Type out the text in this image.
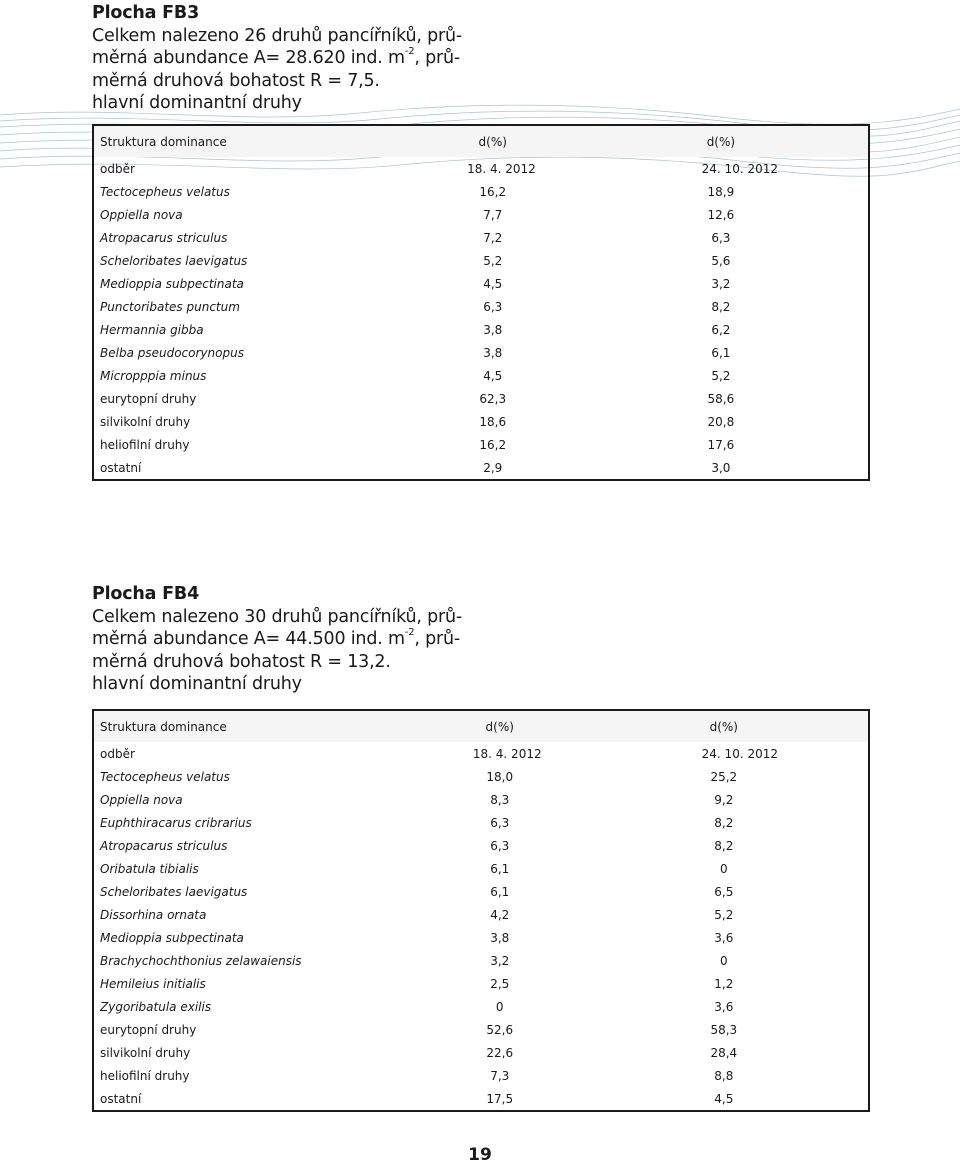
Plocha FB3
Celkem nalezeno 26 druhů pancířníků, prů-
měrná abundance A= 28.620 ind. $m^{-2}$, prů-
měrná druhová bohatost R = 7,5.
hlavní dominantní druhy
Struktura dominance	d(%)	d(%)
odběr	18. 4. 2012	24. 10. 2012
Tectocepheus velatus	16,2	18,9
Oppiella nova	7,7	12,6
Atropacarus striculus	7,2	6,3
Scheloribates laevigatus	5,2	5,6
Medioppia subpectinata	4,5	3,2
Punctoribates punctum	6,3	8,2
Hermannia gibba	3,8	6,2
Belba pseudocorynopus	3,8	6,1
Micropppia minus	4,5	5,2
eurytopní druhy	62,3	58,6
silvikolní druhy	18,6	20,8
heliofilní druhy	16,2	17,6
ostatní	2,9	3,0
Plocha FB4
Celkem nalezeno 30 druhů pancířníků, prů-
měrná abundance A= 44.500 ind. $m^{-2}$, prů-
měrná druhová bohatost R = 13,2.
hlavní dominantní druhy
Struktura dominance	d(%)	d(%)
odběr	18. 4. 2012	24. 10. 2012
Tectocepheus velatus	18,0	25,2
Oppiella nova	8,3	9,2
Euphthiracarus cribrarius	6,3	8,2
Atropacarus striculus	6,3	8,2
Oribatula tibialis	6,1	0
Scheloribates laevigatus	6,1	6,5
Dissorhina ornata	4,2	5,2
Medioppia subpectinata	3,8	3,6
Brachychochthonius zelawaiensis	3,2	0
Hemileius initialis	2,5	1,2
Zygoribatula exilis	0	3,6
eurytopní druhy	52,6	58,3
silvikolní druhy	22,6	28,4
heliofilní druhy	7,3	8,8
ostatní	17,5	4,5
19
